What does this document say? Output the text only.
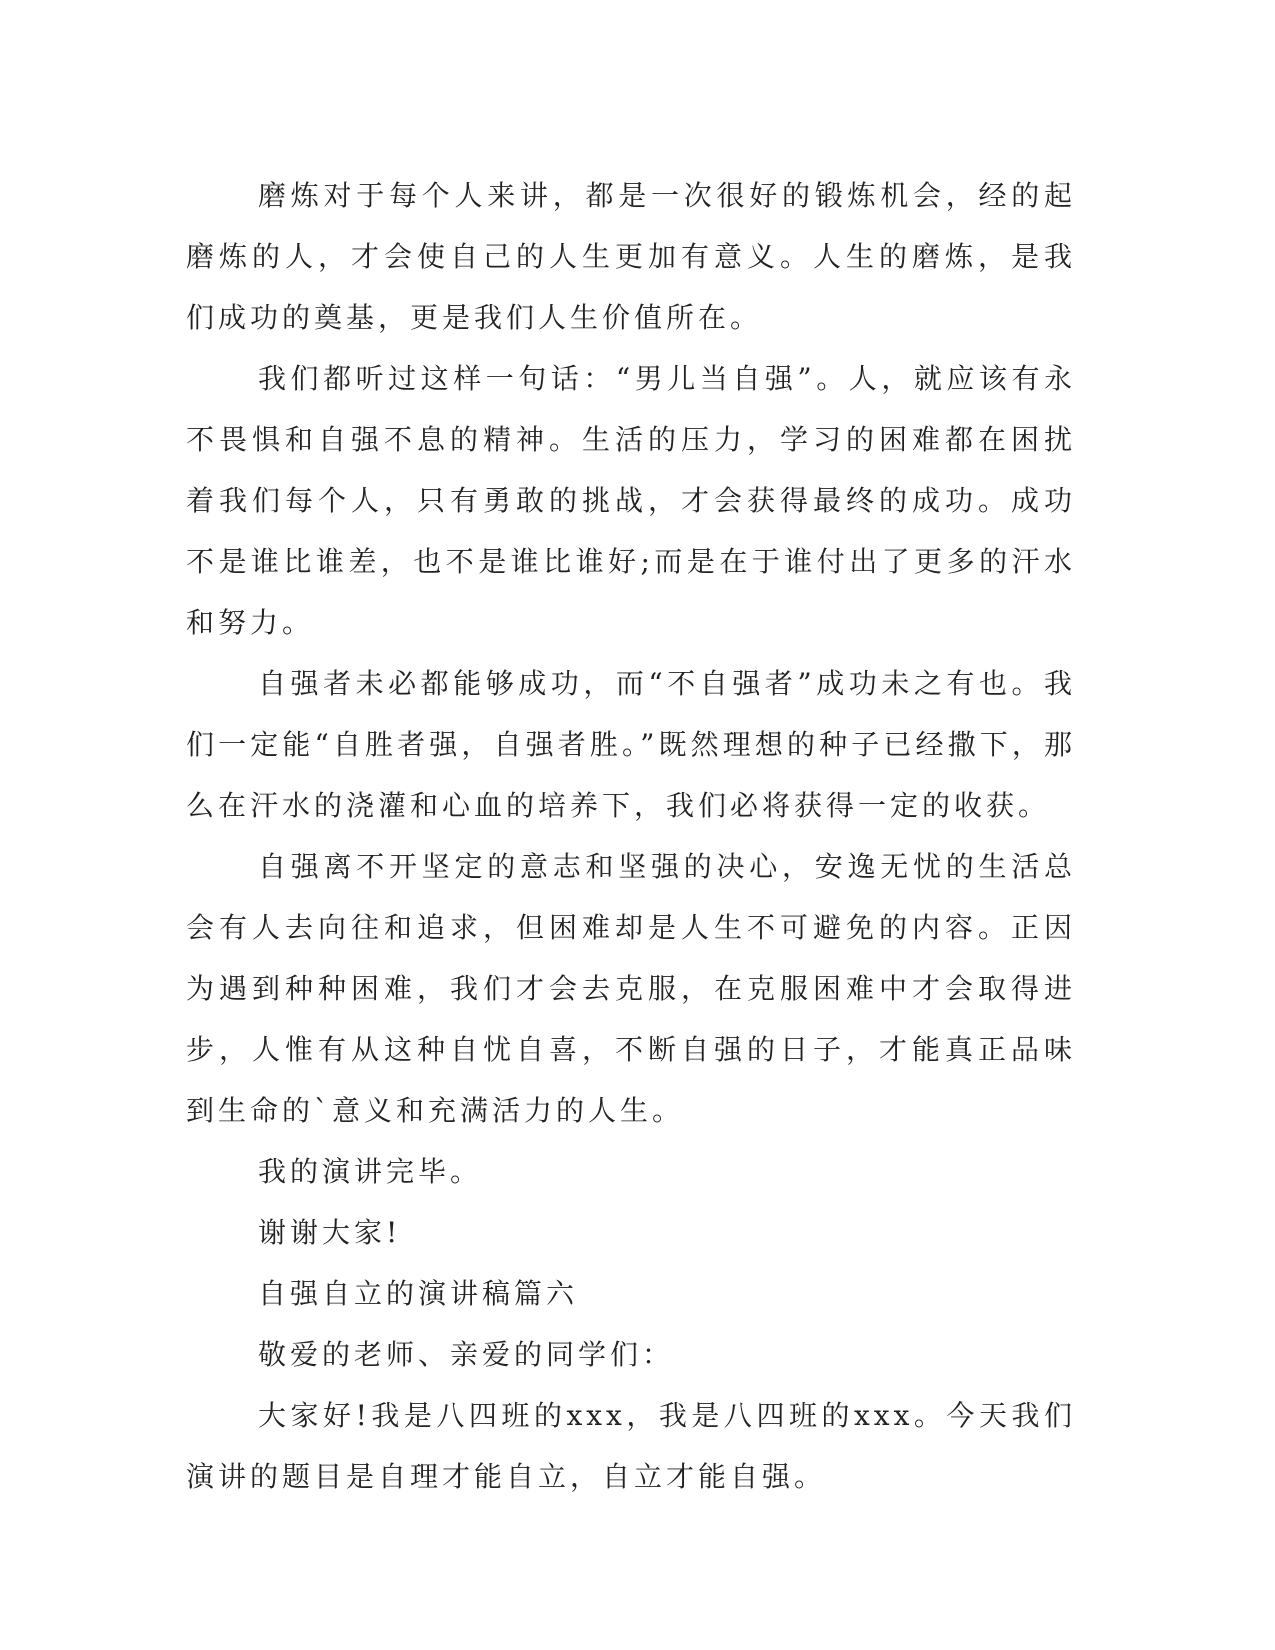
磨炼对于每个人来讲，都是一次很好的锻炼机会，经的起磨炼的人，才会使自己的人生更加有意义。人生的磨炼，是我们成功的奠基，更是我们人生价值所在。

我们都听过这样一句话：“男儿当自强”。人，就应该有永不畏惧和自强不息的精神。生活的压力，学习的困难都在困扰着我们每个人，只有勇敢的挑战，才会获得最终的成功。成功不是谁比谁差，也不是谁比谁好;而是在于谁付出了更多的汗水和努力。

自强者未必都能够成功，而“不自强者”成功未之有也。我们一定能“自胜者强，自强者胜。”既然理想的种子已经撒下，那么在汗水的浇灌和心血的培养下，我们必将获得一定的收获。

自强离不开坚定的意志和坚强的决心，安逸无忧的生活总会有人去向往和追求，但困难却是人生不可避免的内容。正因为遇到种种困难，我们才会去克服，在克服困难中才会取得进步，人惟有从这种自忧自喜，不断自强的日子，才能真正品味到生命的`意义和充满活力的人生。

我的演讲完毕。

谢谢大家!

自强自立的演讲稿篇六

敬爱的老师、亲爱的同学们：

大家好!我是八四班的xxx，我是八四班的xxx。今天我们演讲的题目是自理才能自立，自立才能自强。
